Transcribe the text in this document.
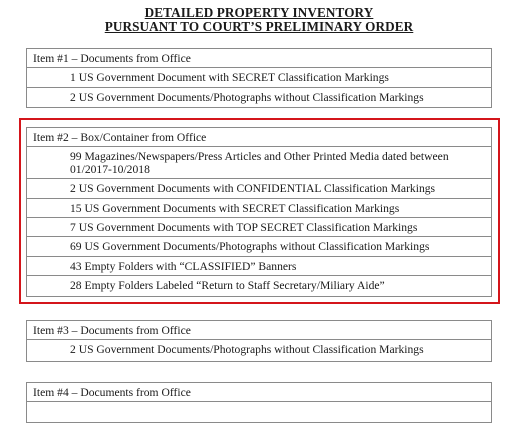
DETAILED PROPERTY INVENTORY
PURSUANT TO COURT’S PRELIMINARY ORDER
Item #1 – Documents from Office
1 US Government Document with SECRET Classification Markings
2 US Government Documents/Photographs without Classification Markings
Item #2 – Box/Container from Office
99 Magazines/Newspapers/Press Articles and Other Printed Media dated between 01/2017-10/2018
2 US Government Documents with CONFIDENTIAL Classification Markings
15 US Government Documents with SECRET Classification Markings
7 US Government Documents with TOP SECRET Classification Markings
69 US Government Documents/Photographs without Classification Markings
43 Empty Folders with “CLASSIFIED” Banners
28 Empty Folders Labeled “Return to Staff Secretary/Miliary Aide”
Item #3 – Documents from Office
2 US Government Documents/Photographs without Classification Markings
Item #4 – Documents from Office
